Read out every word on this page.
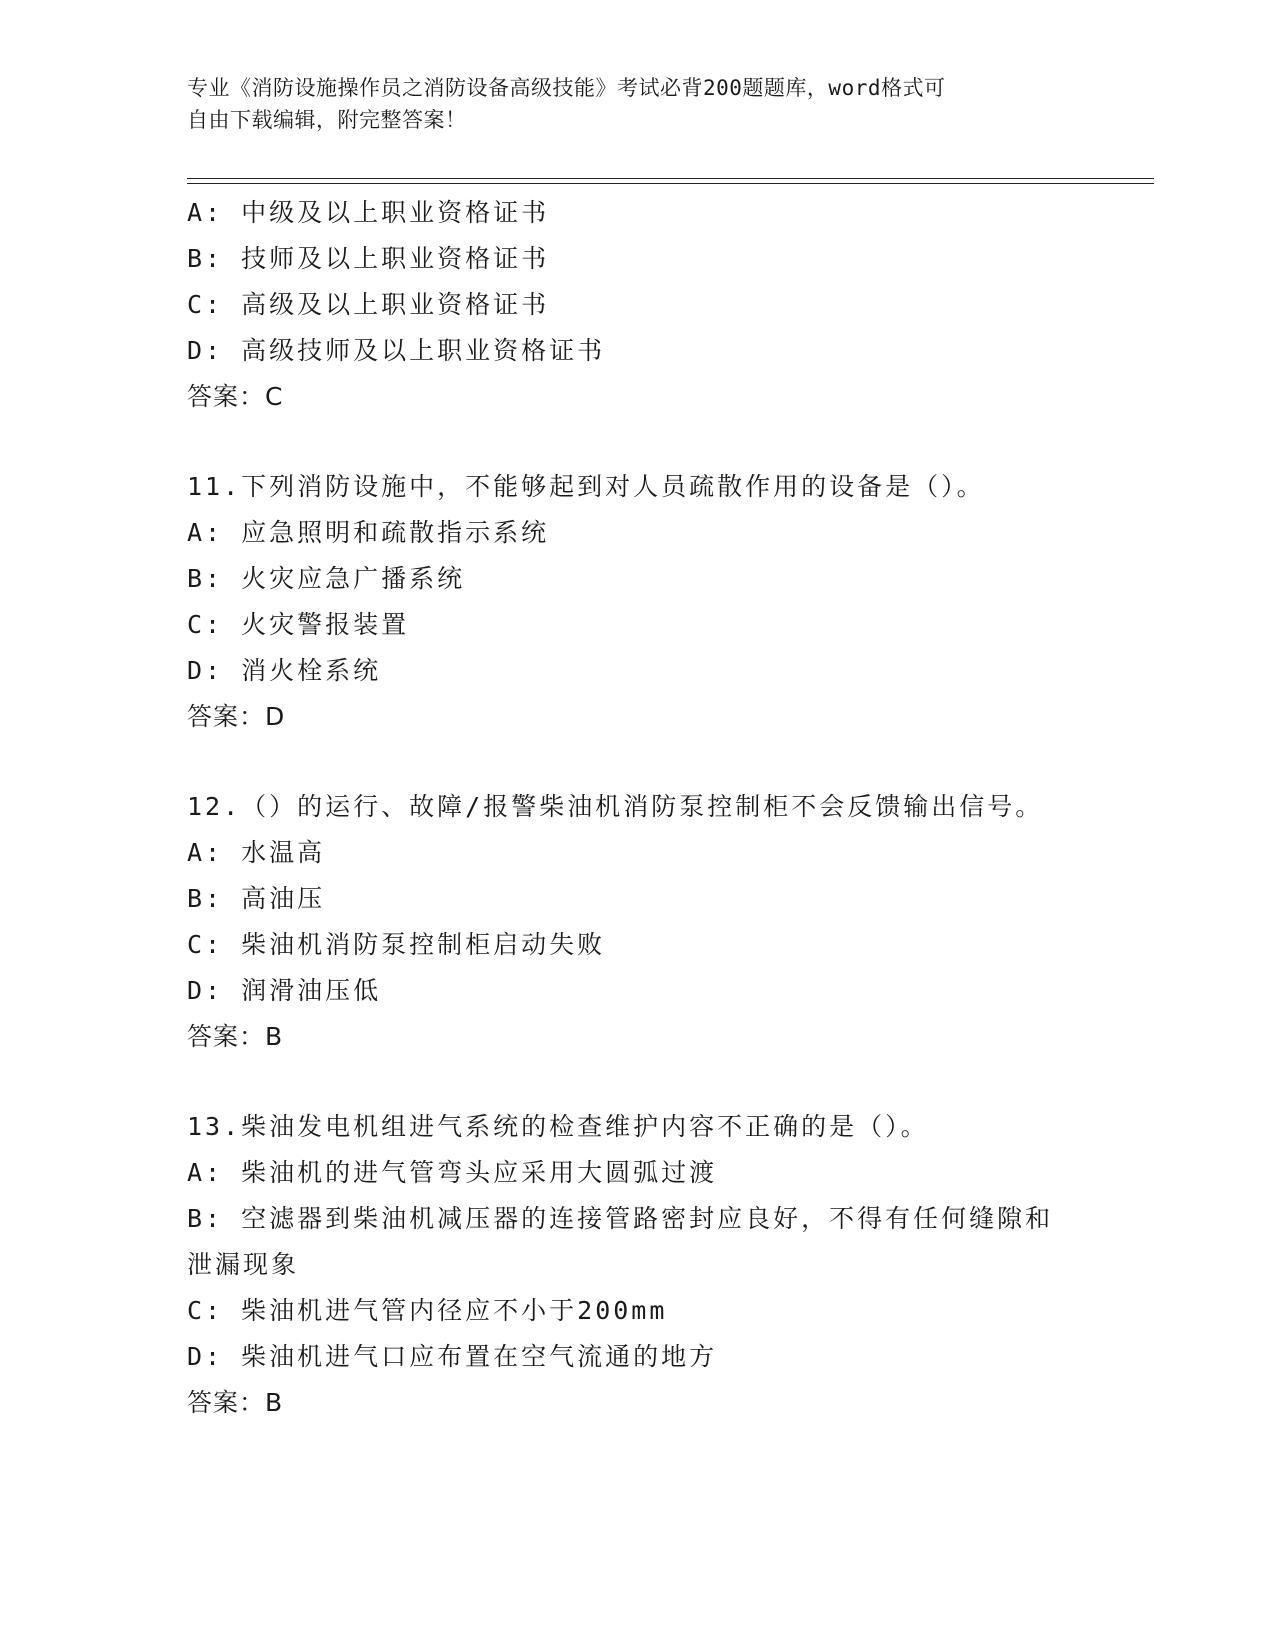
专业《消防设施操作员之消防设备高级技能》考试必背200题题库，word格式可
自由下载编辑，附完整答案！
A: 中级及以上职业资格证书
B: 技师及以上职业资格证书
C: 高级及以上职业资格证书
D: 高级技师及以上职业资格证书
答案：C
11.下列消防设施中，不能够起到对人员疏散作用的设备是（）。
A: 应急照明和疏散指示系统
B: 火灾应急广播系统
C: 火灾警报装置
D: 消火栓系统
答案：D
12.（）的运行、故障/报警柴油机消防泵控制柜不会反馈输出信号。
A: 水温高
B: 高油压
C: 柴油机消防泵控制柜启动失败
D: 润滑油压低
答案：B
13.柴油发电机组进气系统的检查维护内容不正确的是（）。
A: 柴油机的进气管弯头应采用大圆弧过渡
B: 空滤器到柴油机减压器的连接管路密封应良好，不得有任何缝隙和
泄漏现象
C: 柴油机进气管内径应不小于200mm
D: 柴油机进气口应布置在空气流通的地方
答案：B
